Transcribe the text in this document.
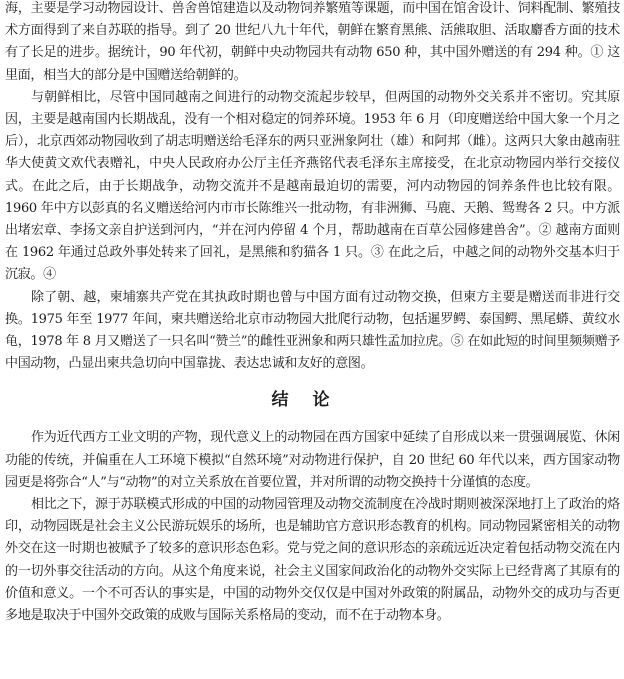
海，主要是学习动物园设计、兽舍兽馆建造以及动物饲养繁殖等课题，而中国在馆舍设计、饲料配制、繁殖技术方面得到了来自苏联的指导。到了 20 世纪八九十年代，朝鲜在繁育黑熊、活熊取胆、活取麝香方面的技术有了长足的进步。据统计，90 年代初，朝鲜中央动物园共有动物 650 种，其中国外赠送的有 294 种。① 这里面，相当大的部分是中国赠送给朝鲜的。

与朝鲜相比，尽管中国同越南之间进行的动物交流起步较早，但两国的动物外交关系并不密切。究其原因，主要是越南国内长期战乱，没有一个相对稳定的饲养环境。1953 年 6 月（印度赠送给中国大象一个月之后），北京西郊动物园收到了胡志明赠送给毛泽东的两只亚洲象阿壮（雄）和阿邦（雌）。这两只大象由越南驻华大使黄文欢代表赠礼，中央人民政府办公厅主任齐燕铭代表毛泽东主席接受，在北京动物园内举行交接仪式。在此之后，由于长期战争，动物交流并不是越南最迫切的需要，河内动物园的饲养条件也比较有限。1960 年中方以彭真的名义赠送给河内市市长陈维兴一批动物，有非洲狮、马鹿、天鹅、鸳鸯各 2 只。中方派出堵宏章、李扬文亲自护送到河内，“并在河内停留 4 个月，帮助越南在百草公园修建兽舍”。② 越南方面则在 1962 年通过总政外事处转来了回礼，是黑熊和豹猫各 1 只。③ 在此之后，中越之间的动物外交基本归于沉寂。④

除了朝、越，柬埔寨共产党在其执政时期也曾与中国方面有过动物交换，但柬方主要是赠送而非进行交换。1975 年至 1977 年间，柬共赠送给北京市动物园大批爬行动物，包括暹罗鳄、泰国鳄、黑尾蟒、黄纹水龟，1978 年 8 月又赠送了一只名叫“赞兰”的雌性亚洲象和两只雄性孟加拉虎。⑤ 在如此短的时间里频频赠予中国动物，凸显出柬共急切向中国靠拢、表达忠诚和友好的意图。

结论

作为近代西方工业文明的产物，现代意义上的动物园在西方国家中延续了自形成以来一贯强调展览、休闲功能的传统，并偏重在人工环境下模拟“自然环境”对动物进行保护，自 20 世纪 60 年代以来，西方国家动物园更是将弥合“人”与“动物”的对立关系放在首要位置，并对所谓的动物交换持十分谨慎的态度。

相比之下，源于苏联模式形成的中国的动物园管理及动物交流制度在冷战时期则被深深地打上了政治的烙印，动物园既是社会主义公民游玩娱乐的场所，也是辅助官方意识形态教育的机构。同动物园紧密相关的动物外交在这一时期也被赋予了较多的意识形态色彩。党与党之间的意识形态的亲疏远近决定着包括动物交流在内的一切外事交往活动的方向。从这个角度来说，社会主义国家间政治化的动物外交实际上已经背离了其原有的价值和意义。一个不可否认的事实是，中国的动物外交仅仅是中国对外政策的附属品，动物外交的成功与否更多地是取决于中国外交政策的成败与国际关系格局的变动，而不在于动物本身。
